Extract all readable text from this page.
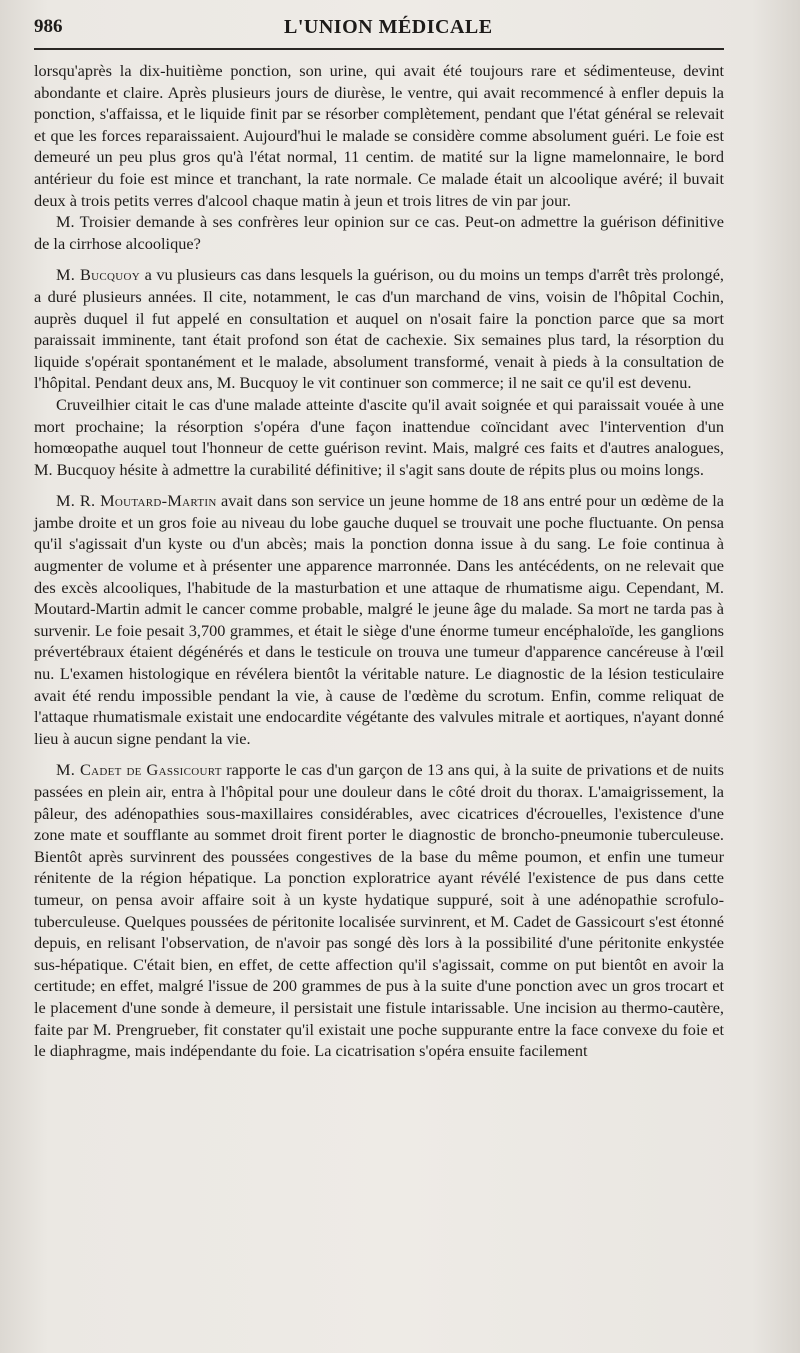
986	L'UNION MÉDICALE

lorsqu'après la dix-huitième ponction, son urine, qui avait été toujours rare et sédimenteuse, devint abondante et claire. Après plusieurs jours de diurèse, le ventre, qui avait recommencé à enfler depuis la ponction, s'affaissa, et le liquide finit par se résorber complètement, pendant que l'état général se relevait et que les forces reparaissaient. Aujourd'hui le malade se considère comme absolument guéri. Le foie est demeuré un peu plus gros qu'à l'état normal, 11 centim. de matité sur la ligne mamelonnaire, le bord antérieur du foie est mince et tranchant, la rate normale. Ce malade était un alcoolique avéré; il buvait deux à trois petits verres d'alcool chaque matin à jeun et trois litres de vin par jour.

M. Troisier demande à ses confrères leur opinion sur ce cas. Peut-on admettre la guérison définitive de la cirrhose alcoolique?

M. Bucquoy a vu plusieurs cas dans lesquels la guérison, ou du moins un temps d'arrêt très prolongé, a duré plusieurs années. Il cite, notamment, le cas d'un marchand de vins, voisin de l'hôpital Cochin, auprès duquel il fut appelé en consultation et auquel on n'osait faire la ponction parce que sa mort paraissait imminente, tant était profond son état de cachexie. Six semaines plus tard, la résorption du liquide s'opérait spontanément et le malade, absolument transformé, venait à pieds à la consultation de l'hôpital. Pendant deux ans, M. Bucquoy le vit continuer son commerce; il ne sait ce qu'il est devenu.

Cruveilhier citait le cas d'une malade atteinte d'ascite qu'il avait soignée et qui paraissait vouée à une mort prochaine; la résorption s'opéra d'une façon inattendue coïncidant avec l'intervention d'un homœopathe auquel tout l'honneur de cette guérison revint. Mais, malgré ces faits et d'autres analogues, M. Bucquoy hésite à admettre la curabilité définitive; il s'agit sans doute de répits plus ou moins longs.

M. R. Moutard-Martin avait dans son service un jeune homme de 18 ans entré pour un œdème de la jambe droite et un gros foie au niveau du lobe gauche duquel se trouvait une poche fluctuante. On pensa qu'il s'agissait d'un kyste ou d'un abcès; mais la ponction donna issue à du sang. Le foie continua à augmenter de volume et à présenter une apparence marronnée. Dans les antécédents, on ne relevait que des excès alcooliques, l'habitude de la masturbation et une attaque de rhumatisme aigu. Cependant, M. Moutard-Martin admit le cancer comme probable, malgré le jeune âge du malade. Sa mort ne tarda pas à survenir. Le foie pesait 3,700 grammes, et était le siège d'une énorme tumeur encéphaloïde, les ganglions prévertébraux étaient dégénérés et dans le testicule on trouva une tumeur d'apparence cancéreuse à l'œil nu. L'examen histologique en révélera bientôt la véritable nature. Le diagnostic de la lésion testiculaire avait été rendu impossible pendant la vie, à cause de l'œdème du scrotum. Enfin, comme reliquat de l'attaque rhumatismale existait une endocardite végétante des valvules mitrale et aortiques, n'ayant donné lieu à aucun signe pendant la vie.

M. Cadet de Gassicourt rapporte le cas d'un garçon de 13 ans qui, à la suite de privations et de nuits passées en plein air, entra à l'hôpital pour une douleur dans le côté droit du thorax. L'amaigrissement, la pâleur, des adénopathies sous-maxillaires considérables, avec cicatrices d'écrouelles, l'existence d'une zone mate et soufflante au sommet droit firent porter le diagnostic de broncho-pneumonie tuberculeuse. Bientôt après survinrent des poussées congestives de la base du même poumon, et enfin une tumeur rénitente de la région hépatique. La ponction exploratrice ayant révélé l'existence de pus dans cette tumeur, on pensa avoir affaire soit à un kyste hydatique suppuré, soit à une adénopathie scrofulo-tuberculeuse. Quelques poussées de péritonite localisée survinrent, et M. Cadet de Gassicourt s'est étonné depuis, en relisant l'observation, de n'avoir pas songé dès lors à la possibilité d'une péritonite enkystée sus-hépatique. C'était bien, en effet, de cette affection qu'il s'agissait, comme on put bientôt en avoir la certitude; en effet, malgré l'issue de 200 grammes de pus à la suite d'une ponction avec un gros trocart et le placement d'une sonde à demeure, il persistait une fistule intarissable. Une incision au thermo-cautère, faite par M. Prengrueber, fit constater qu'il existait une poche suppurante entre la face convexe du foie et le diaphragme, mais indépendante du foie. La cicatrisation s'opéra ensuite facilement
